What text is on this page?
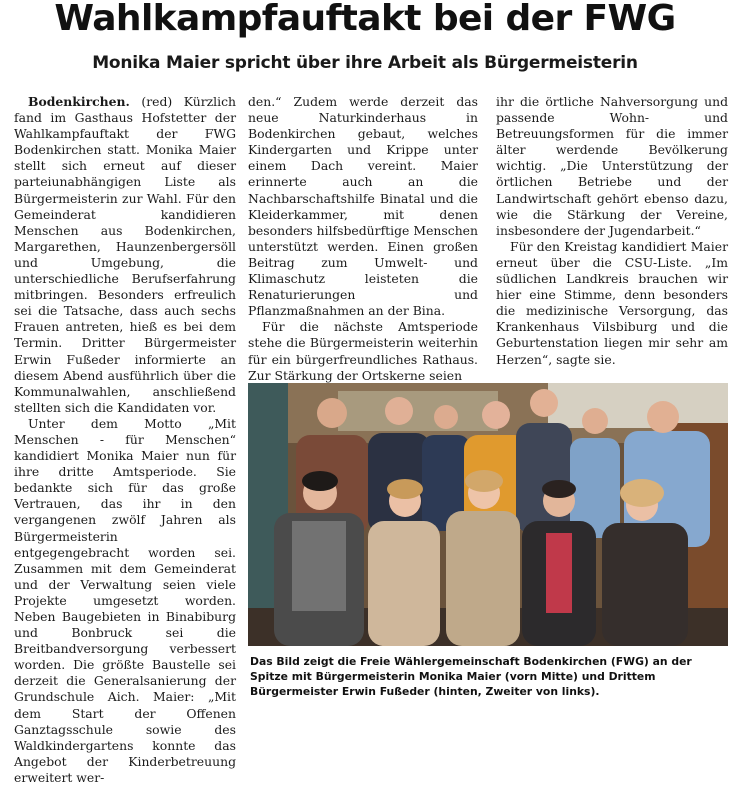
Wahlkampfauftakt bei der FWG
Monika Maier spricht über ihre Arbeit als Bürgermeisterin

Bodenkirchen. (red) Kürzlich fand im Gasthaus Hofstetter der Wahlkampfauftakt der FWG Bodenkirchen statt. Monika Maier stellt sich erneut auf dieser parteiunabhängigen Liste als Bürgermeisterin zur Wahl. Für den Gemeinderat kandidieren Menschen aus Bodenkirchen, Margarethen, Haunzenbergersöll und Umgebung, die unterschiedliche Berufserfahrung mitbringen. Besonders erfreulich sei die Tatsache, dass auch sechs Frauen antreten, hieß es bei dem Termin. Dritter Bürgermeister Erwin Fußeder informierte an diesem Abend ausführlich über die Kommunalwahlen, anschließend stellten sich die Kandidaten vor.

Unter dem Motto „Mit Menschen - für Menschen“ kandidiert Monika Maier nun für ihre dritte Amtsperiode. Sie bedankte sich für das große Vertrauen, das ihr in den vergangenen zwölf Jahren als Bürgermeisterin entgegengebracht worden sei. Zusammen mit dem Gemeinderat und der Verwaltung seien viele Projekte umgesetzt worden. Neben Baugebieten in Binabiburg und Bonbruck sei die Breitbandversorgung verbessert worden. Die größte Baustelle sei derzeit die Generalsanierung der Grundschule Aich. Maier: „Mit dem Start der Offenen Ganztagsschule sowie des Waldkindergartens konnte das Angebot der Kinderbetreuung erweitert wer-

den.“ Zudem werde derzeit das neue Naturkinderhaus in Bodenkirchen gebaut, welches Kindergarten und Krippe unter einem Dach vereint. Maier erinnerte auch an die Nachbarschaftshilfe Binatal und die Kleiderkammer, mit denen besonders hilfsbedürftige Menschen unterstützt werden. Einen großen Beitrag zum Umwelt- und Klimaschutz leisteten die Renaturierungen und Pflanzmaßnahmen an der Bina.

Für die nächste Amtsperiode stehe die Bürgermeisterin weiterhin für ein bürgerfreundliches Rathaus. Zur Stärkung der Ortskerne seien

ihr die örtliche Nahversorgung und passende Wohn- und Betreuungsformen für die immer älter werdende Bevölkerung wichtig. „Die Unterstützung der örtlichen Betriebe und der Landwirtschaft gehört ebenso dazu, wie die Stärkung der Vereine, insbesondere der Jugendarbeit.“

Für den Kreistag kandidiert Maier erneut über die CSU-Liste. „Im südlichen Landkreis brauchen wir hier eine Stimme, denn besonders die medizinische Versorgung, das Krankenhaus Vilsbiburg und die Geburtenstation liegen mir sehr am Herzen“, sagte sie.

Das Bild zeigt die Freie Wählergemeinschaft Bodenkirchen (FWG) an der Spitze mit Bürgermeisterin Monika Maier (vorn Mitte) und Drittem Bürgermeister Erwin Fußeder (hinten, Zweiter von links).
